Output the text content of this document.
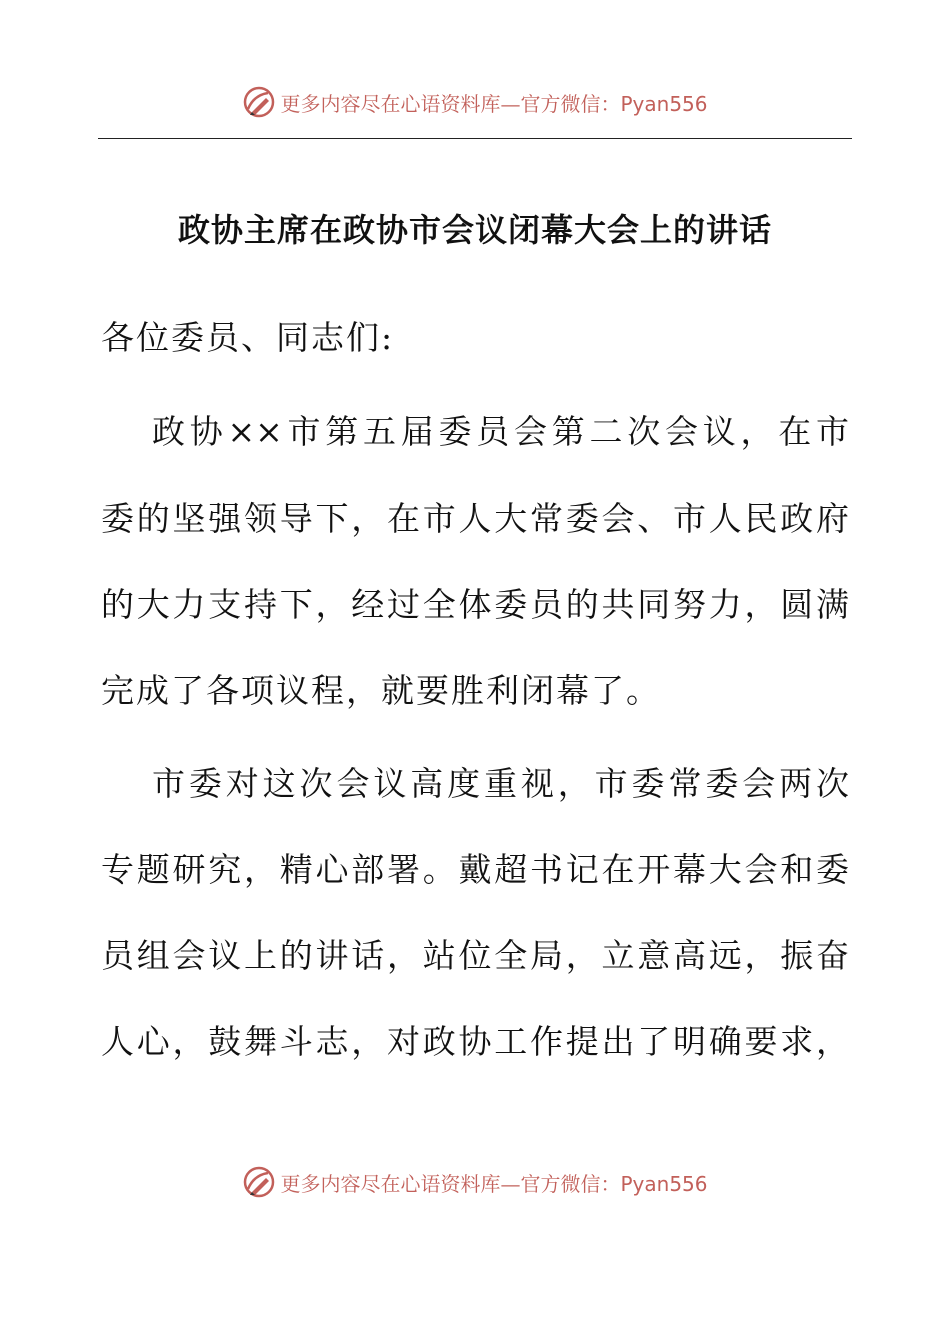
更多内容尽在心语资料库—官方微信：Pyan556
政协主席在政协市会议闭幕大会上的讲话
各位委员、同志们:
政协××市第五届委员会第二次会议，在市
委的坚强领导下，在市人大常委会、市人民政府
的大力支持下，经过全体委员的共同努力，圆满
完成了各项议程，就要胜利闭幕了。
市委对这次会议高度重视，市委常委会两次
专题研究，精心部署。戴超书记在开幕大会和委
员组会议上的讲话，站位全局，立意高远，振奋
人心，鼓舞斗志，对政协工作提出了明确要求，
更多内容尽在心语资料库—官方微信：Pyan556
